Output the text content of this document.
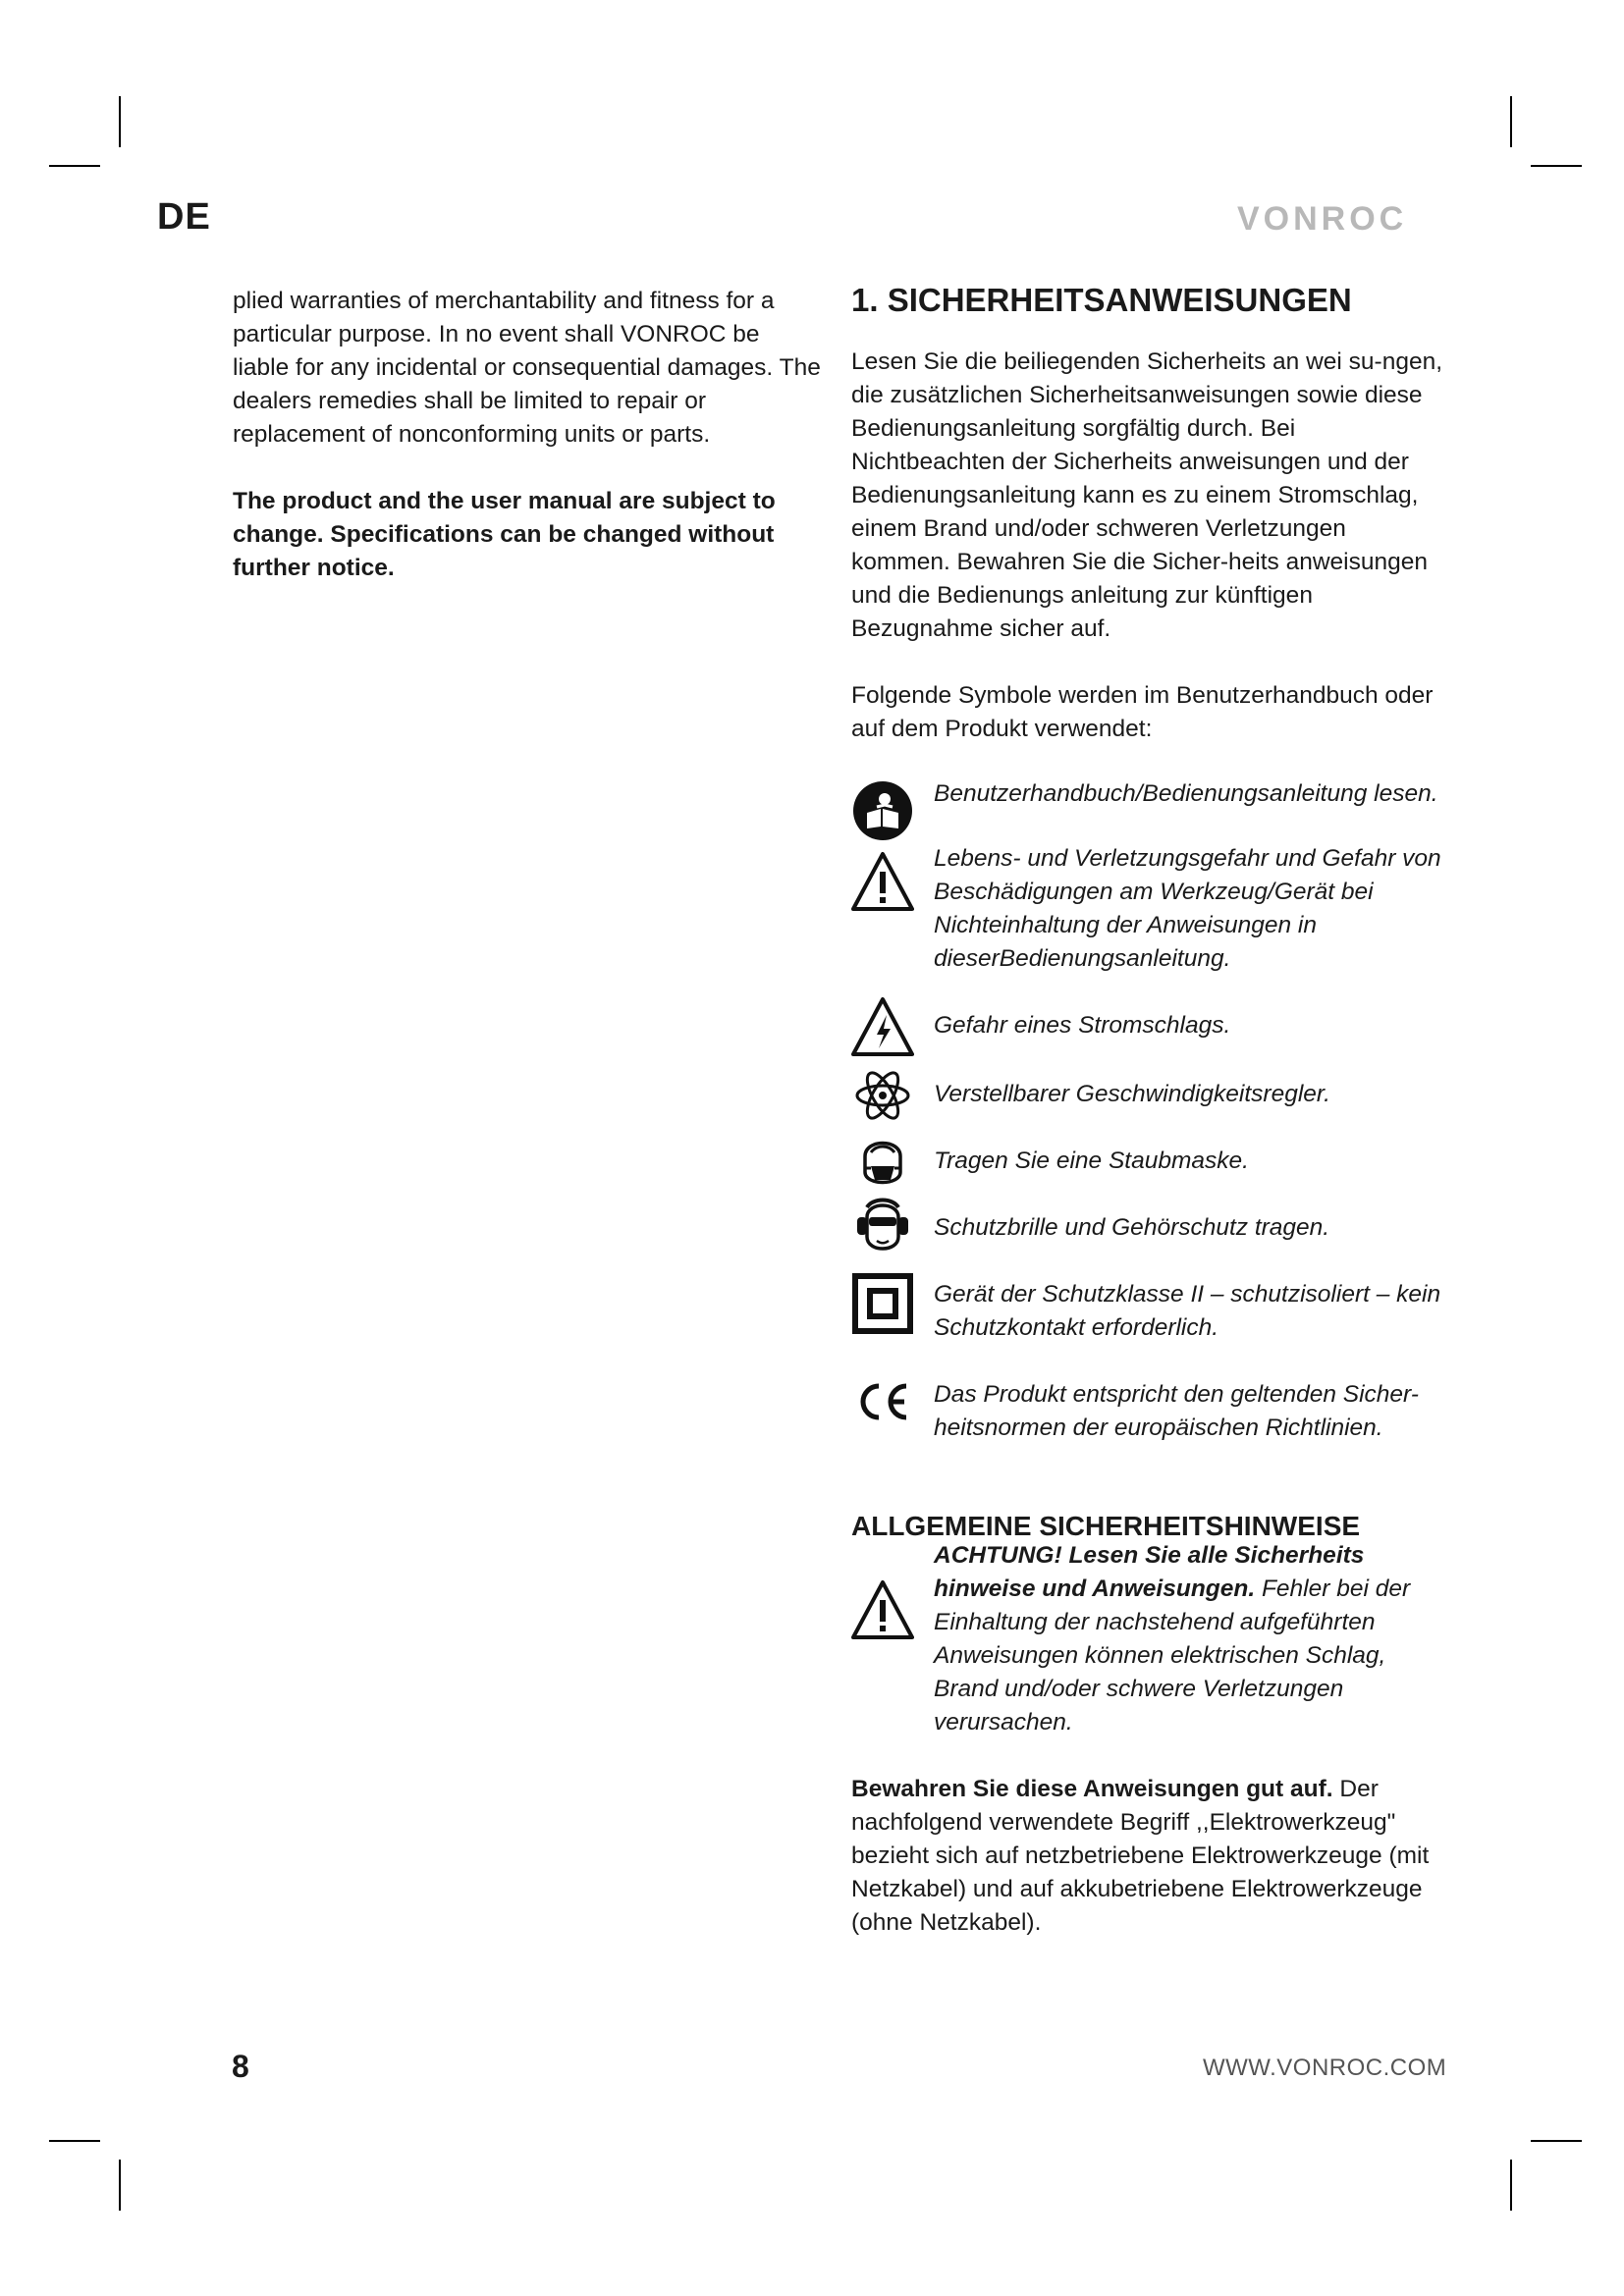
DE	VONROC

plied warranties of merchantability and fitness for a particular purpose. In no event shall VONROC be liable for any incidental or consequential damages. The dealers remedies shall be limited to repair or replacement of nonconforming units or parts.

The product and the user manual are subject to change. Specifications can be changed without further notice.

1. SICHERHEITSANWEISUNGEN

Lesen Sie die beiliegenden Sicherheits an wei su-ngen, die zusätzlichen Sicherheitsanweisungen sowie diese Bedienungsanleitung sorgfältig durch. Bei Nichtbeachten der Sicherheits anweisungen und der Bedienungsanleitung kann es zu einem Stromschlag, einem Brand und/oder schweren Verletzungen kommen. Bewahren Sie die Sicher-heits anweisungen und die Bedienungs anleitung zur künftigen Bezugnahme sicher auf.

Folgende Symbole werden im Benutzerhandbuch oder auf dem Produkt verwendet:

Benutzerhandbuch/Bedienungsanleitung lesen.
Lebens- und Verletzungsgefahr und Gefahr von Beschädigungen am Werkzeug/Gerät bei Nichteinhaltung der Anweisungen in dieserBedienungsanleitung.
Gefahr eines Stromschlags.
Verstellbarer Geschwindigkeitsregler.
Tragen Sie eine Staubmaske.
Schutzbrille und Gehörschutz tragen.
Gerät der Schutzklasse II – schutzisoliert – kein Schutzkontakt erforderlich.
Das Produkt entspricht den geltenden Sicher-heitsnormen der europäischen Richtlinien.
ALLGEMEINE SICHERHEITSHINWEISE
ACHTUNG! Lesen Sie alle Sicherheits hinweise und Anweisungen. Fehler bei der Einhaltung der nachstehend aufgeführten Anweisungen können elektrischen Schlag, Brand und/oder schwere Verletzungen verursachen.

Bewahren Sie diese Anweisungen gut auf. Der nachfolgend verwendete Begriff ,,Elektrowerkzeug" bezieht sich auf netzbetriebene Elektrowerkzeuge (mit Netzkabel) und auf akkubetriebene Elektrowerkzeuge (ohne Netzkabel).

8	WWW.VONROC.COM
